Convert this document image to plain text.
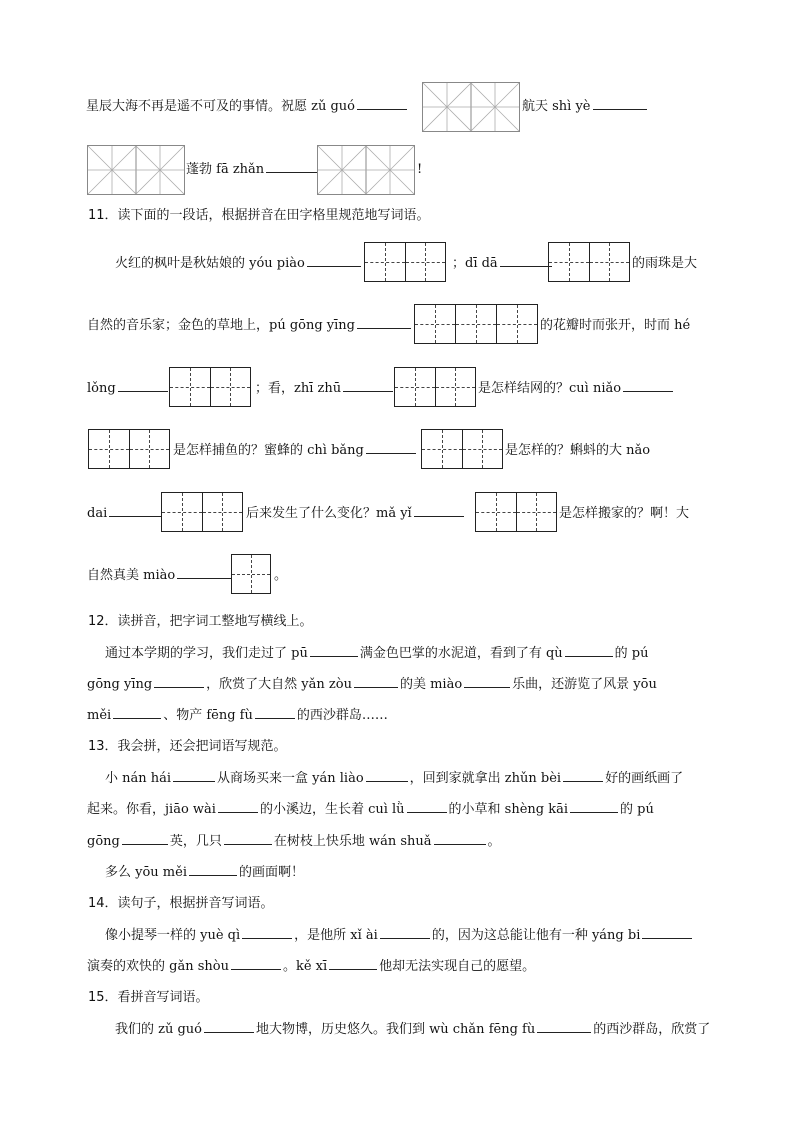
星辰大海不再是遥不可及的事情。祝愿 zǔ guó	航天 shì yè
蓬勃 fā zhǎn	!
11．读下面的一段话，根据拼音在田字格里规范地写词语。
火红的枫叶是秋姑娘的 yóu piào	；dī dā	的雨珠是大
自然的音乐家；金色的草地上，pú gōng yīng	的花瓣时而张开，时而 hé
lǒng	；看，zhī zhū	是怎样结网的？cuì niǎo
是怎样捕鱼的？蜜蜂的 chì bǎng	是怎样的？蝌蚪的大 nǎo
dai	后来发生了什么变化？mǎ yǐ	是怎样搬家的？啊！大
自然真美 miào	。
12．读拼音，把字词工整地写横线上。
通过本学期的学习，我们走过了 pū	满金色巴掌的水泥道，看到了有 qù	的 pú
gōng yīng	，欣赏了大自然 yǎn zòu	的美 miào	乐曲，还游览了风景 yōu
měi	、物产 fēng fù	的西沙群岛……
13．我会拼，还会把词语写规范。
小 nán hái	从商场买来一盒 yán liào	，回到家就拿出 zhǔn bèi	好的画纸画了
起来。你看，jiāo wài	的小溪边，生长着 cuì lǜ	的小草和 shèng kāi	的 pú
gōng	英，几只	在树枝上快乐地 wán shuǎ	。
多么 yōu měi	的画面啊！
14．读句子，根据拼音写词语。
像小提琴一样的 yuè qì	，是他所 xǐ ài	的，因为这总能让他有一种 yáng bi
演奏的欢快的 gǎn shòu	。kě xī	他却无法实现自己的愿望。
15．看拼音写词语。
我们的 zǔ guó	地大物博，历史悠久。我们到 wù chǎn fēng fù	的西沙群岛，欣赏了
